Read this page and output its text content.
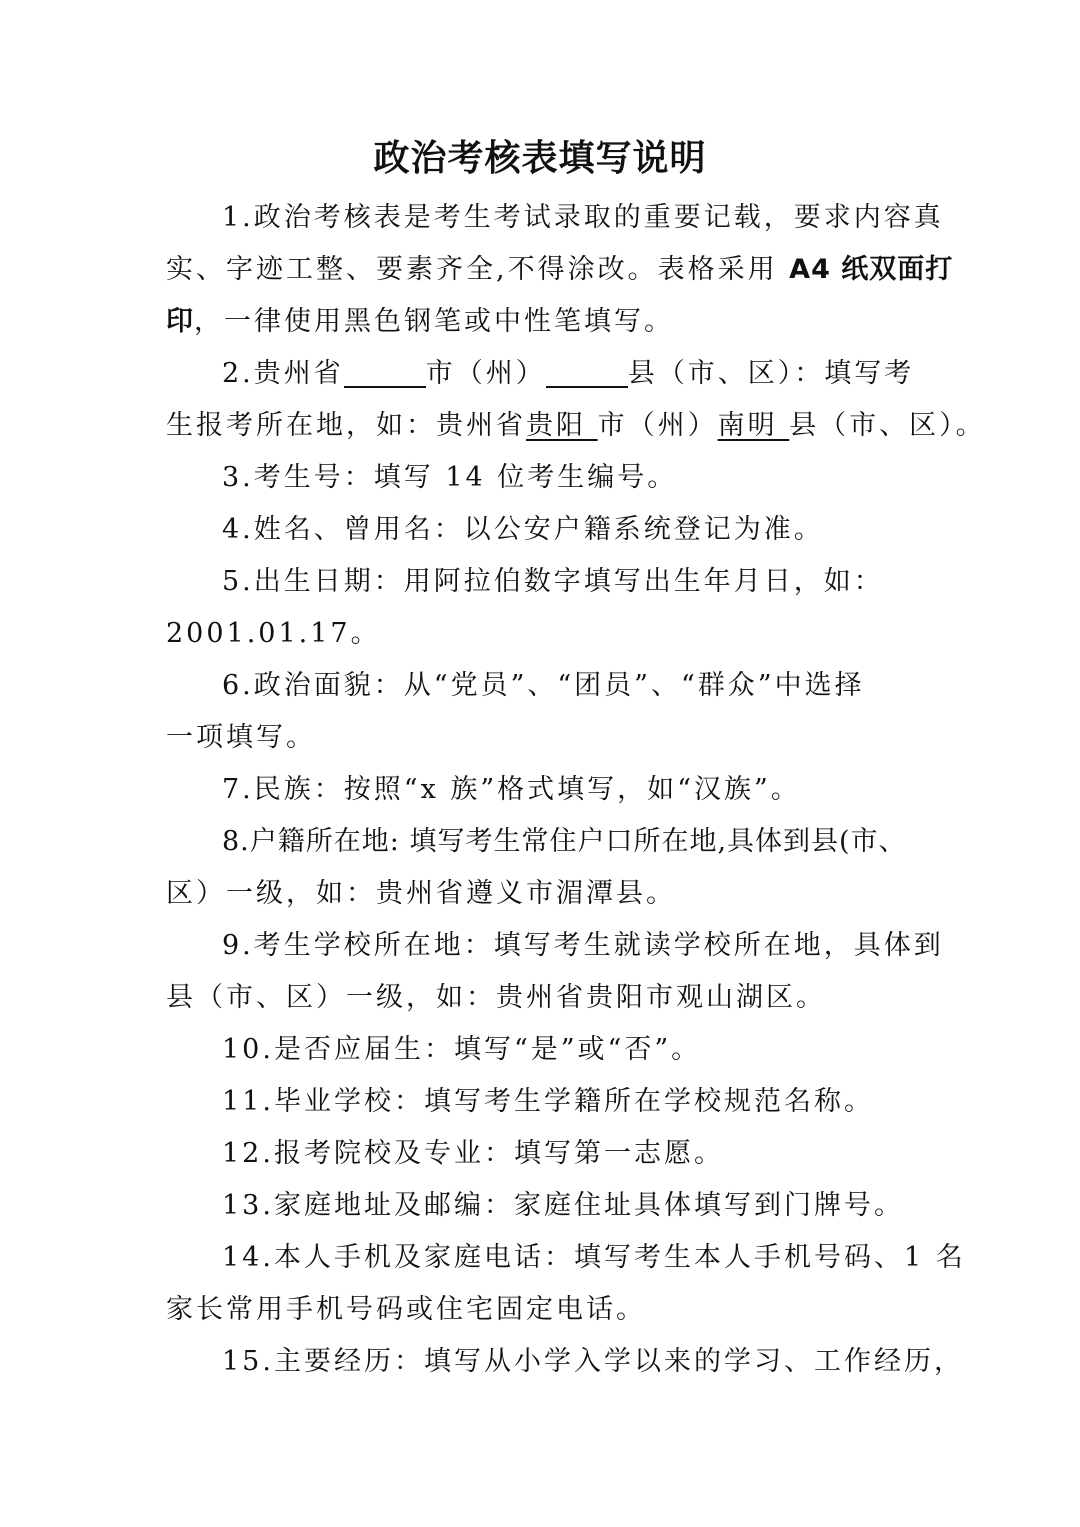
政治考核表填写说明
1.政治考核表是考生考试录取的重要记载，要求内容真
实、字迹工整、要素齐全,不得涂改。表格采用 A4 纸双面打
印，一律使用黑色钢笔或中性笔填写。
2.贵州省	市（州）	县（市、区）：填写考
生报考所在地，如：贵州省贵阳 市（州）南明 县（市、区）。
3.考生号：填写 14 位考生编号。
4.姓名、曾用名：以公安户籍系统登记为准。
5.出生日期：用阿拉伯数字填写出生年月日，如：
2001.01.17。
6.政治面貌：从“党员”、“团员”、“群众”中选择
一项填写。
7.民族：按照“x 族”格式填写，如“汉族”。
8.户籍所在地: 填写考生常住户口所在地,具体到县(市、
区）一级，如：贵州省遵义市湄潭县。
9.考生学校所在地：填写考生就读学校所在地，具体到
县（市、区）一级，如：贵州省贵阳市观山湖区。
10.是否应届生：填写“是”或“否”。
11.毕业学校：填写考生学籍所在学校规范名称。
12.报考院校及专业：填写第一志愿。
13.家庭地址及邮编：家庭住址具体填写到门牌号。
14.本人手机及家庭电话：填写考生本人手机号码、1 名
家长常用手机号码或住宅固定电话。
15.主要经历：填写从小学入学以来的学习、工作经历，
